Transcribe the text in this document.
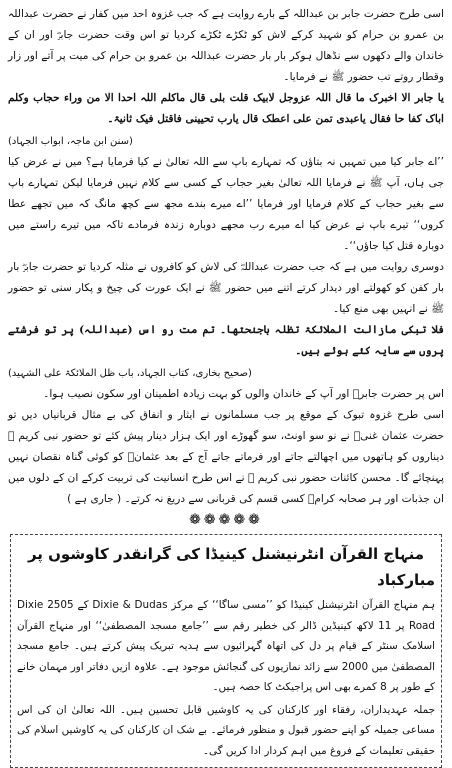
اسی طرح حضرت جابر بن عبداللہ کے بارے روایت ہے کہ جب غزوہ احد میں کفار نے حضرت عبداللہ بن عمرو بن حرام کو شہید کرکے لاش کو ٹکڑے ٹکڑے کردیا تو اس وقت حضرت جابرؓ اور ان کے خاندان والے دکھوں سے نڈھال ہوکر بار بار حضرت عبداللہ بن عمرو بن حرام کی میت پر آتے اور زار وقطار روتے تب حضور ﷺ نے فرمایا۔

یا جابر الا اخبرک ما قال اللہ عزوجل لابیک قلت بلی قال ماکلم اللہ احدا الا من وراء حجاب وکلم اباک کفا حا فقال یاعبدی تمن علی اعطک قال یارب تحیینی فاقتل فیک ثانیۃ۔

(سنن ابن ماجہ، ابواب الجہاد)

’’اے جابر کیا میں تمہیں نہ بتاؤں کہ تمہارے باپ سے اللہ تعالیٰ نے کیا فرمایا ہے؟ میں نے عرض کیا جی ہاں، آپ ﷺ نے فرمایا اللہ تعالیٰ بغیر حجاب کے کسی سے کلام نہیں فرمایا لیکن تمہارے باپ سے بغیر حجاب کے کلام فرمایا اور فرمایا ’’اے میرے بندے مجھ سے کچھ مانگ کہ میں تجھے عطا کروں‘‘ تیرے باپ نے عرض کیا اے میرے رب مجھے دوبارہ زندہ فرمادے تاکہ میں تیرے راستے میں دوبارہ قتل کیا جاؤں‘‘۔

دوسری روایت میں ہے کہ جب حضرت عبداللہؓ کی لاش کو کافروں نے مثلہ کردیا تو حضرت جابرؓ بار بار کفن کو کھولتے اور دیدار کرتے اتنے میں حضور ﷺ نے ایک عورت کی چیخ و پکار سنی تو حضور ﷺ نے انہیں بھی منع کیا۔

فلا تبکی مازالت الملائکۃ تظلہ باجنحتھا۔ تم مت رو اس (عبداللہ) پر تو فرشتے پروں سے سایہ کئے ہوئے ہیں۔

(صحیح بخاری، کتاب الجہاد، باب ظل الملائکۃ علی الشہید)

اس پر حضرت جابرؓ اور آپ کے خاندان والوں کو بہت زیادہ اطمینان اور سکون نصیب ہوا۔

اسی طرح غزوہ تبوک کے موقع پر جب مسلمانوں نے ایثار و انفاق کی بے مثال قربانیاں دیں تو حضرت عثمان غنیؓ نے نو سو اونٹ، سو گھوڑے اور ایک ہزار دینار پیش کئے تو حضور نبی کریم ﷺ دیناروں کو ہاتھوں میں اچھالتے جاتے اور فرماتے جاتے آج کے بعد عثمانؓ کو کوئی گناہ نقصان نہیں پہنچائے گا۔ محسن کائنات حضور نبی کریم ﷺ نے اس طرح انسانیت کی تربیت کرکے ان کے دلوں میں ان جذبات اور ہر صحابہ کرامؓ کسی قسم کی قربانی سے دریغ نہ کرتے۔ ( جاری ہے )

❁❁❁❁❁
منہاج القرآن انٹرنیشنل کینیڈا کی گرانقدر کاوشوں پر مبارکباد

ہم منہاج القرآن انٹرنیشنل کینیڈا کو ’’مسی ساگا‘‘ کے مرکز Dixie & Dudas کے 2505 Dixie Road پر 11 لاکھ کینیڈین ڈالر کی خطیر رقم سے ’’جامع مسجد المصطفیٰ‘‘ اور منہاج القرآن اسلامک سنٹر کے قیام پر دل کی اتھاہ گہرائیوں سے ہدیہ تبریک پیش کرتے ہیں۔ جامع مسجد المصطفیٰ میں 2000 سے زائد نمازیوں کی گنجائش موجود ہے۔ علاوہ ازیں دفاتر اور مہمان خانے کے طور پر 8 کمرے بھی اس پراجیکٹ کا حصہ ہیں۔

جملہ عہدیداران، رفقاء اور کارکنان کی یہ کاوشیں قابل تحسین ہیں۔ اللہ تعالیٰ ان کی اس مساعی جمیلہ کو اپنے حضور قبول و منظور فرمائے۔ بے شک ان کارکنان کی یہ کاوشیں اسلام کی حقیقی تعلیمات کے فروغ میں اہم کردار ادا کریں گی۔
